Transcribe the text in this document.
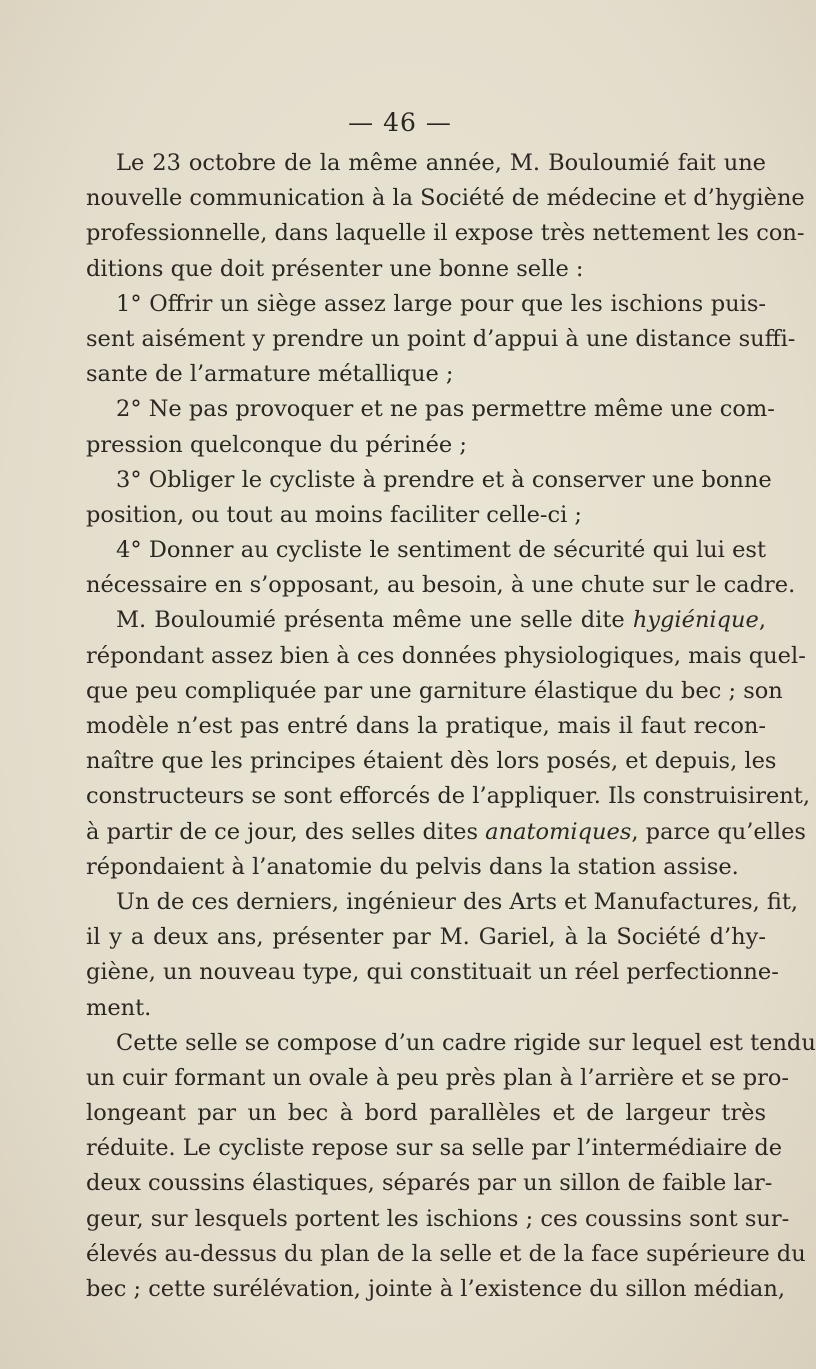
— 46 —
Le 23 octobre de la même année, M. Bouloumié fait une
nouvelle communication à la Société de médecine et d’hygiène
professionnelle, dans laquelle il expose très nettement les con-
ditions que doit présenter une bonne selle :
1° Offrir un siège assez large pour que les ischions puis-
sent aisément y prendre un point d’appui à une distance suffi-
sante de l’armature métallique ;
2° Ne pas provoquer et ne pas permettre même une com-
pression quelconque du périnée ;
3° Obliger le cycliste à prendre et à conserver une bonne
position, ou tout au moins faciliter celle-ci ;
4° Donner au cycliste le sentiment de sécurité qui lui est
nécessaire en s’opposant, au besoin, à une chute sur le cadre.
M. Bouloumié présenta même une selle dite hygiénique,
répondant assez bien à ces données physiologiques, mais quel-
que peu compliquée par une garniture élastique du bec ; son
modèle n’est pas entré dans la pratique, mais il faut recon-
naître que les principes étaient dès lors posés, et depuis, les
constructeurs se sont efforcés de l’appliquer. Ils construisirent,
à partir de ce jour, des selles dites anatomiques, parce qu’elles
répondaient à l’anatomie du pelvis dans la station assise.
Un de ces derniers, ingénieur des Arts et Manufactures, fit,
il y a deux ans, présenter par M. Gariel, à la Société d’hy-
giène, un nouveau type, qui constituait un réel perfectionne-
ment.
Cette selle se compose d’un cadre rigide sur lequel est tendu
un cuir formant un ovale à peu près plan à l’arrière et se pro-
longeant par un bec à bord parallèles et de largeur très
réduite. Le cycliste repose sur sa selle par l’intermédiaire de
deux coussins élastiques, séparés par un sillon de faible lar-
geur, sur lesquels portent les ischions ; ces coussins sont sur-
élevés au-dessus du plan de la selle et de la face supérieure du
bec ; cette surélévation, jointe à l’existence du sillon médian,
